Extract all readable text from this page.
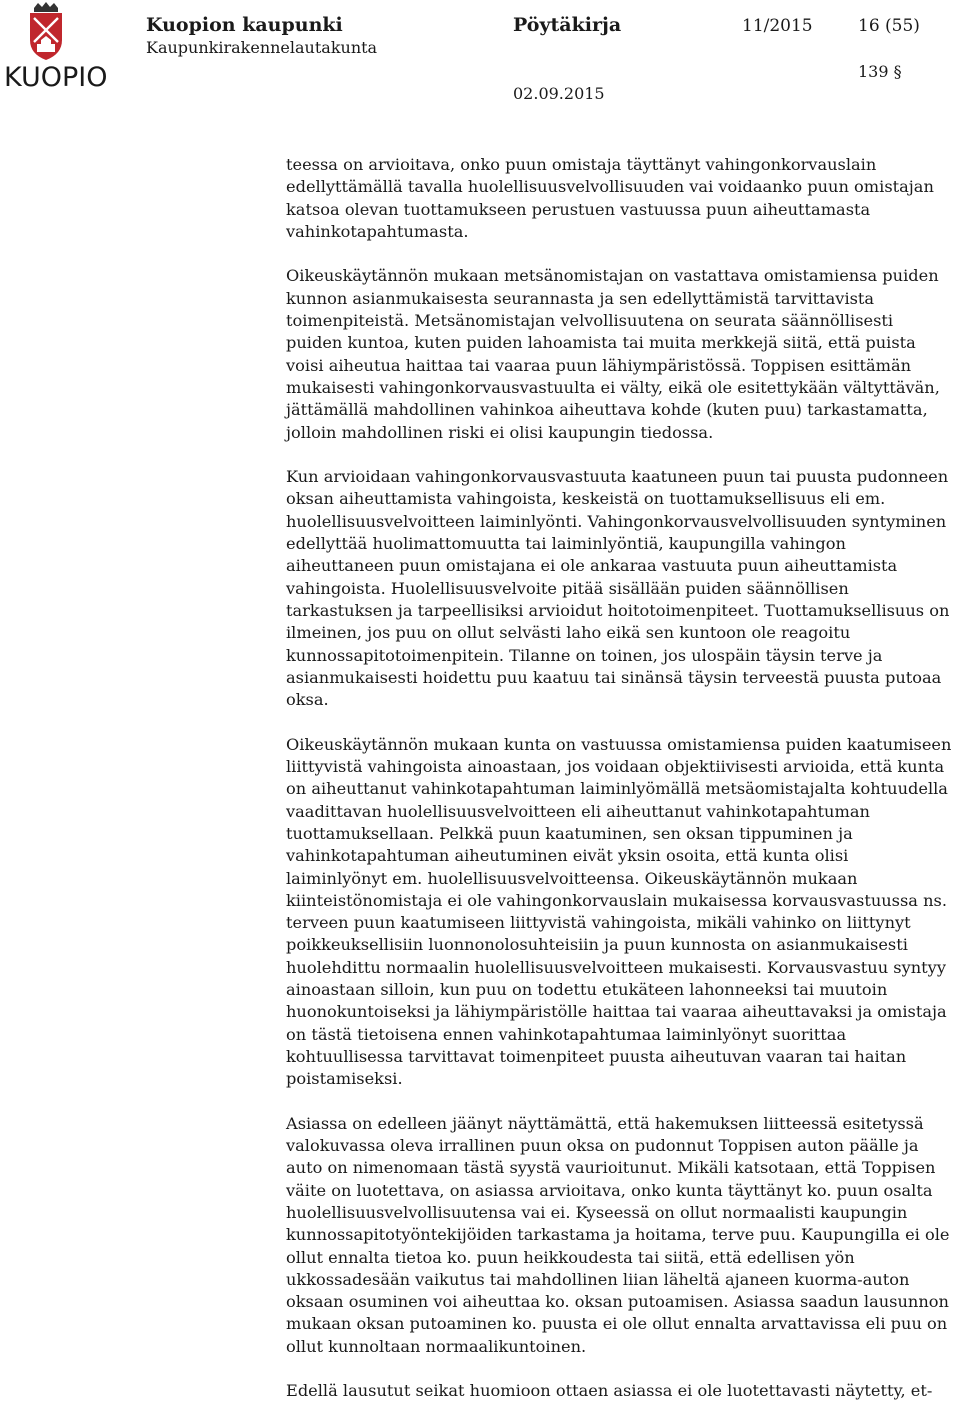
KUOPIO
Kuopion kaupunki
Kaupunkirakennelautakunta
Pöytäkirja	11/2015	16 (55)
139 §
02.09.2015

teessa on arvioitava, onko puun omistaja täyttänyt vahingonkorvauslain edellyttämällä tavalla huolellisuusvelvollisuuden vai voidaanko puun omistajan katsoa olevan tuottamukseen perustuen vastuussa puun aiheuttamasta vahinkotapahtumasta.

Oikeuskäytännön mukaan metsänomistajan on vastattava omistamiensa puiden kunnon asianmukaisesta seurannasta ja sen edellyttämistä tarvittavista toimenpiteistä. Metsänomistajan velvollisuutena on seurata säännöllisesti puiden kuntoa, kuten puiden lahoamista tai muita merkkejä siitä, että puista voisi aiheutua haittaa tai vaaraa puun lähiympäristössä. Toppisen esittämän mukaisesti vahingonkorvausvastuulta ei välty, eikä ole esitettykään vältyttävän, jättämällä mahdollinen vahinkoa aiheuttava kohde (kuten puu) tarkastamatta, jolloin mahdollinen riski ei olisi kaupungin tiedossa.

Kun arvioidaan vahingonkorvausvastuuta kaatuneen puun tai puusta pudonneen oksan aiheuttamista vahingoista, keskeistä on tuottamuksellisuus eli em. huolellisuusvelvoitteen laiminlyönti. Vahingonkorvausvelvollisuuden syntyminen edellyttää huolimattomuutta tai laiminlyöntiä, kaupungilla vahingon aiheuttaneen puun omistajana ei ole ankaraa vastuuta puun aiheuttamista vahingoista. Huolellisuusvelvoite pitää sisällään puiden säännöllisen tarkastuksen ja tarpeellisiksi arvioidut hoitotoimenpiteet. Tuottamuksellisuus on ilmeinen, jos puu on ollut selvästi laho eikä sen kuntoon ole reagoitu kunnossapitotoimenpitein. Tilanne on toinen, jos ulospäin täysin terve ja asianmukaisesti hoidettu puu kaatuu tai sinänsä täysin terveestä puusta putoaa oksa.

Oikeuskäytännön mukaan kunta on vastuussa omistamiensa puiden kaatumiseen liittyvistä vahingoista ainoastaan, jos voidaan objektiivisesti arvioida, että kunta on aiheuttanut vahinkotapahtuman laiminlyömällä metsäomistajalta kohtuudella vaadittavan huolellisuusvelvoitteen eli aiheuttanut vahinkotapahtuman tuottamuksellaan. Pelkkä puun kaatuminen, sen oksan tippuminen ja vahinkotapahtuman aiheutuminen eivät yksin osoita, että kunta olisi laiminlyönyt em. huolellisuusvelvoitteensa. Oikeuskäytännön mukaan kiinteistönomistaja ei ole vahingonkorvauslain mukaisessa korvausvastuussa ns. terveen puun kaatumiseen liittyvistä vahingoista, mikäli vahinko on liittynyt poikkeuksellisiin luonnonolosuhteisiin ja puun kunnosta on asianmukaisesti huolehdittu normaalin huolellisuusvelvoitteen mukaisesti. Korvausvastuu syntyy ainoastaan silloin, kun puu on todettu etukäteen lahonneeksi tai muutoin huonokuntoiseksi ja lähiympäristölle haittaa tai vaaraa aiheuttavaksi ja omistaja on tästä tietoisena ennen vahinkotapahtumaa laiminlyönyt suorittaa kohtuullisessa tarvittavat toimenpiteet puusta aiheutuvan vaaran tai haitan poistamiseksi.

Asiassa on edelleen jäänyt näyttämättä, että hakemuksen liitteessä esitetyssä valokuvassa oleva irrallinen puun oksa on pudonnut Toppisen auton päälle ja auto on nimenomaan tästä syystä vaurioitunut. Mikäli katsotaan, että Toppisen väite on luotettava, on asiassa arvioitava, onko kunta täyttänyt ko. puun osalta huolellisuusvelvollisuutensa vai ei. Kyseessä on ollut normaalisti kaupungin kunnossapitotyöntekijöiden tarkastama ja hoitama, terve puu. Kaupungilla ei ole ollut ennalta tietoa ko. puun heikkoudesta tai siitä, että edellisen yön ukkossadesään vaikutus tai mahdollinen liian läheltä ajaneen kuorma-auton oksaan osuminen voi aiheuttaa ko. oksan putoamisen. Asiassa saadun lausunnon mukaan oksan putoaminen ko. puusta ei ole ollut ennalta arvattavissa eli puu on ollut kunnoltaan normaalikuntoinen.

Edellä lausutut seikat huomioon ottaen asiassa ei ole luotettavasti näytetty, et-
